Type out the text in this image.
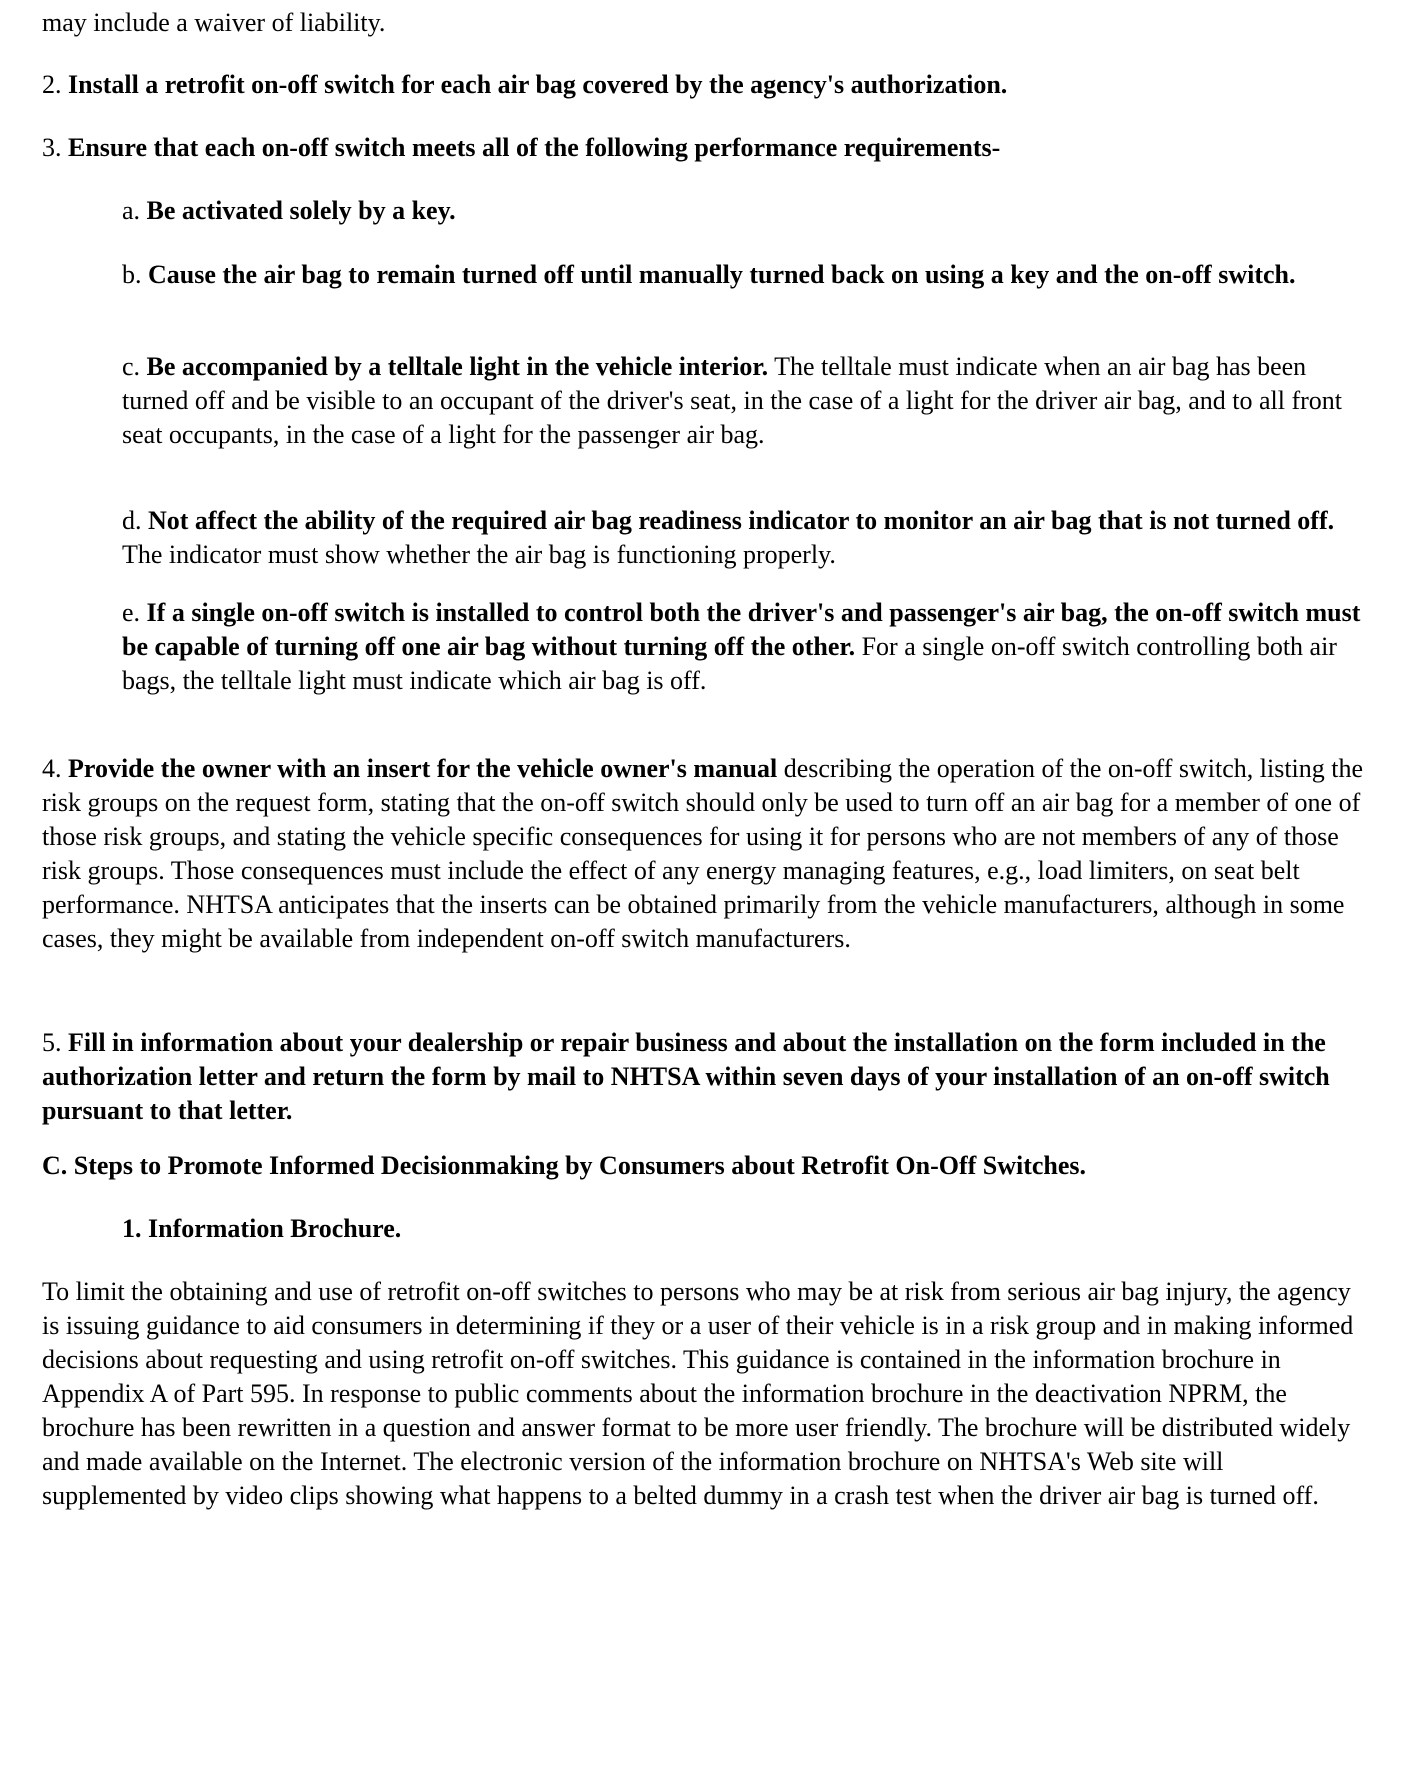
may include a waiver of liability.

2. Install a retrofit on-off switch for each air bag covered by the agency's authorization.

3. Ensure that each on-off switch meets all of the following performance requirements-

a. Be activated solely by a key.

b. Cause the air bag to remain turned off until manually turned back on using a key and the on-off switch.

c. Be accompanied by a telltale light in the vehicle interior. The telltale must indicate when an air bag has been turned off and be visible to an occupant of the driver's seat, in the case of a light for the driver air bag, and to all front seat occupants, in the case of a light for the passenger air bag.

d. Not affect the ability of the required air bag readiness indicator to monitor an air bag that is not turned off. The indicator must show whether the air bag is functioning properly.

e. If a single on-off switch is installed to control both the driver's and passenger's air bag, the on-off switch must be capable of turning off one air bag without turning off the other. For a single on-off switch controlling both air bags, the telltale light must indicate which air bag is off.

4. Provide the owner with an insert for the vehicle owner's manual describing the operation of the on-off switch, listing the risk groups on the request form, stating that the on-off switch should only be used to turn off an air bag for a member of one of those risk groups, and stating the vehicle specific consequences for using it for persons who are not members of any of those risk groups. Those consequences must include the effect of any energy managing features, e.g., load limiters, on seat belt performance. NHTSA anticipates that the inserts can be obtained primarily from the vehicle manufacturers, although in some cases, they might be available from independent on-off switch manufacturers.

5. Fill in information about your dealership or repair business and about the installation on the form included in the authorization letter and return the form by mail to NHTSA within seven days of your installation of an on-off switch pursuant to that letter.

C. Steps to Promote Informed Decisionmaking by Consumers about Retrofit On-Off Switches.

1. Information Brochure.

To limit the obtaining and use of retrofit on-off switches to persons who may be at risk from serious air bag injury, the agency is issuing guidance to aid consumers in determining if they or a user of their vehicle is in a risk group and in making informed decisions about requesting and using retrofit on-off switches. This guidance is contained in the information brochure in Appendix A of Part 595. In response to public comments about the information brochure in the deactivation NPRM, the brochure has been rewritten in a question and answer format to be more user friendly. The brochure will be distributed widely and made available on the Internet. The electronic version of the information brochure on NHTSA's Web site will supplemented by video clips showing what happens to a belted dummy in a crash test when the driver air bag is turned off.
